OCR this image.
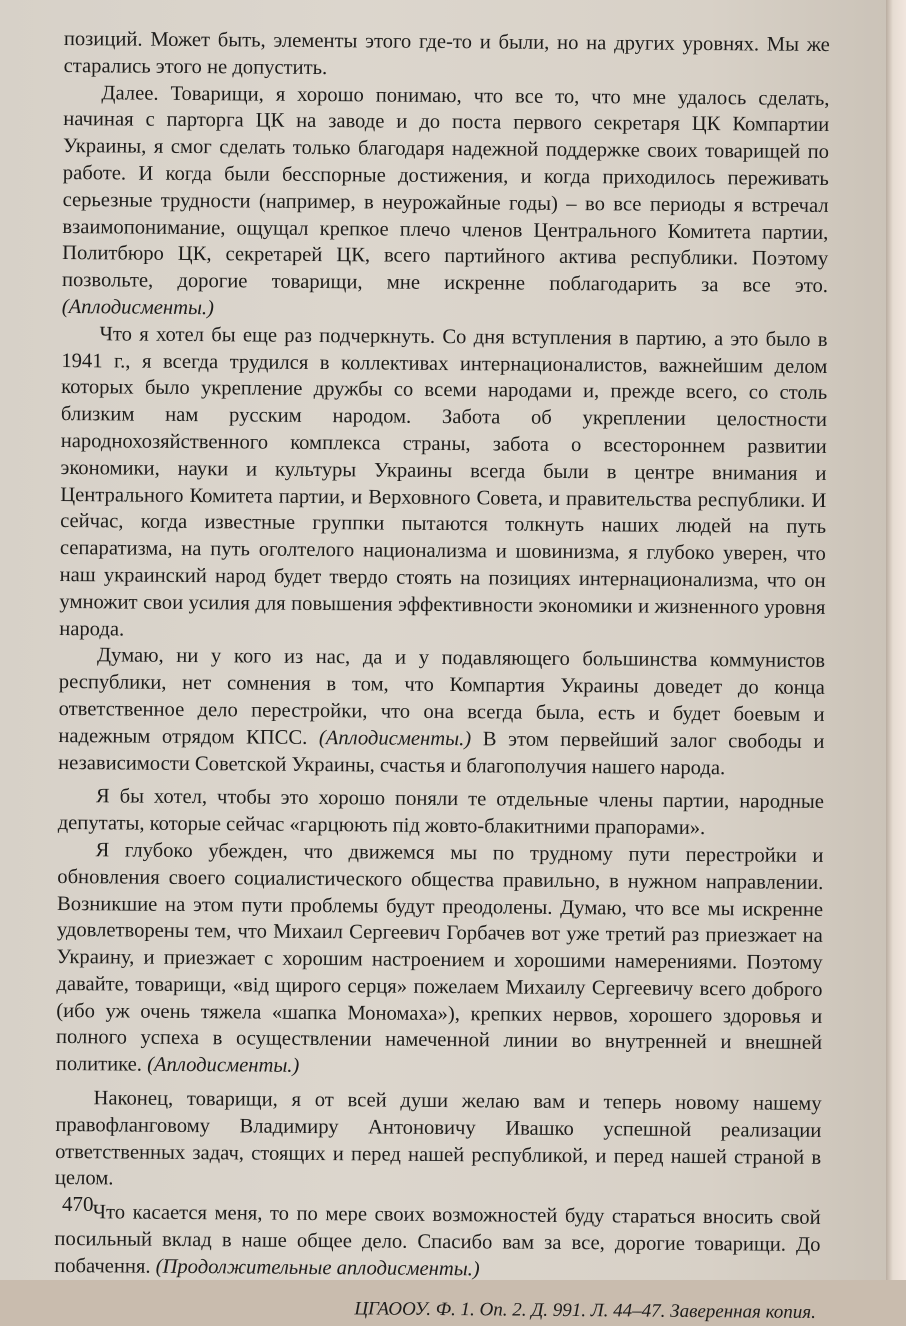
позиций. Может быть, элементы этого где-то и были, но на других уровнях. Мы же старались этого не допустить.

Далее. Товарищи, я хорошо понимаю, что все то, что мне удалось сделать, начиная с парторга ЦК на заводе и до поста первого секретаря ЦК Компартии Украины, я смог сделать только благодаря надежной поддержке своих товарищей по работе. И когда были бесспорные достижения, и когда приходилось переживать серьезные трудности (например, в неурожайные годы) – во все периоды я встречал взаимопонимание, ощущал крепкое плечо членов Центрального Комитета партии, Политбюро ЦК, секретарей ЦК, всего партийного актива республики. Поэтому позвольте, дорогие товарищи, мне искренне поблагодарить за все это. (Аплодисменты.)

Что я хотел бы еще раз подчеркнуть. Со дня вступления в партию, а это было в 1941 г., я всегда трудился в коллективах интернационалистов, важнейшим делом которых было укрепление дружбы со всеми народами и, прежде всего, со столь близким нам русским народом. Забота об укреплении целостности народнохозяйственного комплекса страны, забота о всестороннем развитии экономики, науки и культуры Украины всегда были в центре внимания и Центрального Комитета партии, и Верховного Совета, и правительства республики. И сейчас, когда известные группки пытаются толкнуть наших людей на путь сепаратизма, на путь оголтелого национализма и шовинизма, я глубоко уверен, что наш украинский народ будет твердо стоять на позициях интернационализма, что он умножит свои усилия для повышения эффективности экономики и жизненного уровня народа.

Думаю, ни у кого из нас, да и у подавляющего большинства коммунистов республики, нет сомнения в том, что Компартия Украины доведет до конца ответственное дело перестройки, что она всегда была, есть и будет боевым и надежным отрядом КПСС. (Аплодисменты.) В этом первейший залог свободы и независимости Советской Украины, счастья и благополучия нашего народа.

Я бы хотел, чтобы это хорошо поняли те отдельные члены партии, народные депутаты, которые сейчас «гарцюють під жовто-блакитними прапорами».

Я глубоко убежден, что движемся мы по трудному пути перестройки и обновления своего социалистического общества правильно, в нужном направлении. Возникшие на этом пути проблемы будут преодолены. Думаю, что все мы искренне удовлетворены тем, что Михаил Сергеевич Горбачев вот уже третий раз приезжает на Украину, и приезжает с хорошим настроением и хорошими намерениями. Поэтому давайте, товарищи, «від щирого серця» пожелаем Михаилу Сергеевичу всего доброго (ибо уж очень тяжела «шапка Мономаха»), крепких нервов, хорошего здоровья и полного успеха в осуществлении намеченной линии во внутренней и внешней политике. (Аплодисменты.)

Наконец, товарищи, я от всей души желаю вам и теперь новому нашему правофланговому Владимиру Антоновичу Ивашко успешной реализации ответственных задач, стоящих и перед нашей республикой, и перед нашей страной в целом.

Что касается меня, то по мере своих возможностей буду стараться вносить свой посильный вклад в наше общее дело. Спасибо вам за все, дорогие товарищи. До побачення. (Продолжительные аплодисменты.)

ЦГАООУ. Ф. 1. Оп. 2. Д. 991. Л. 44–47. Заверенная копия.

470
